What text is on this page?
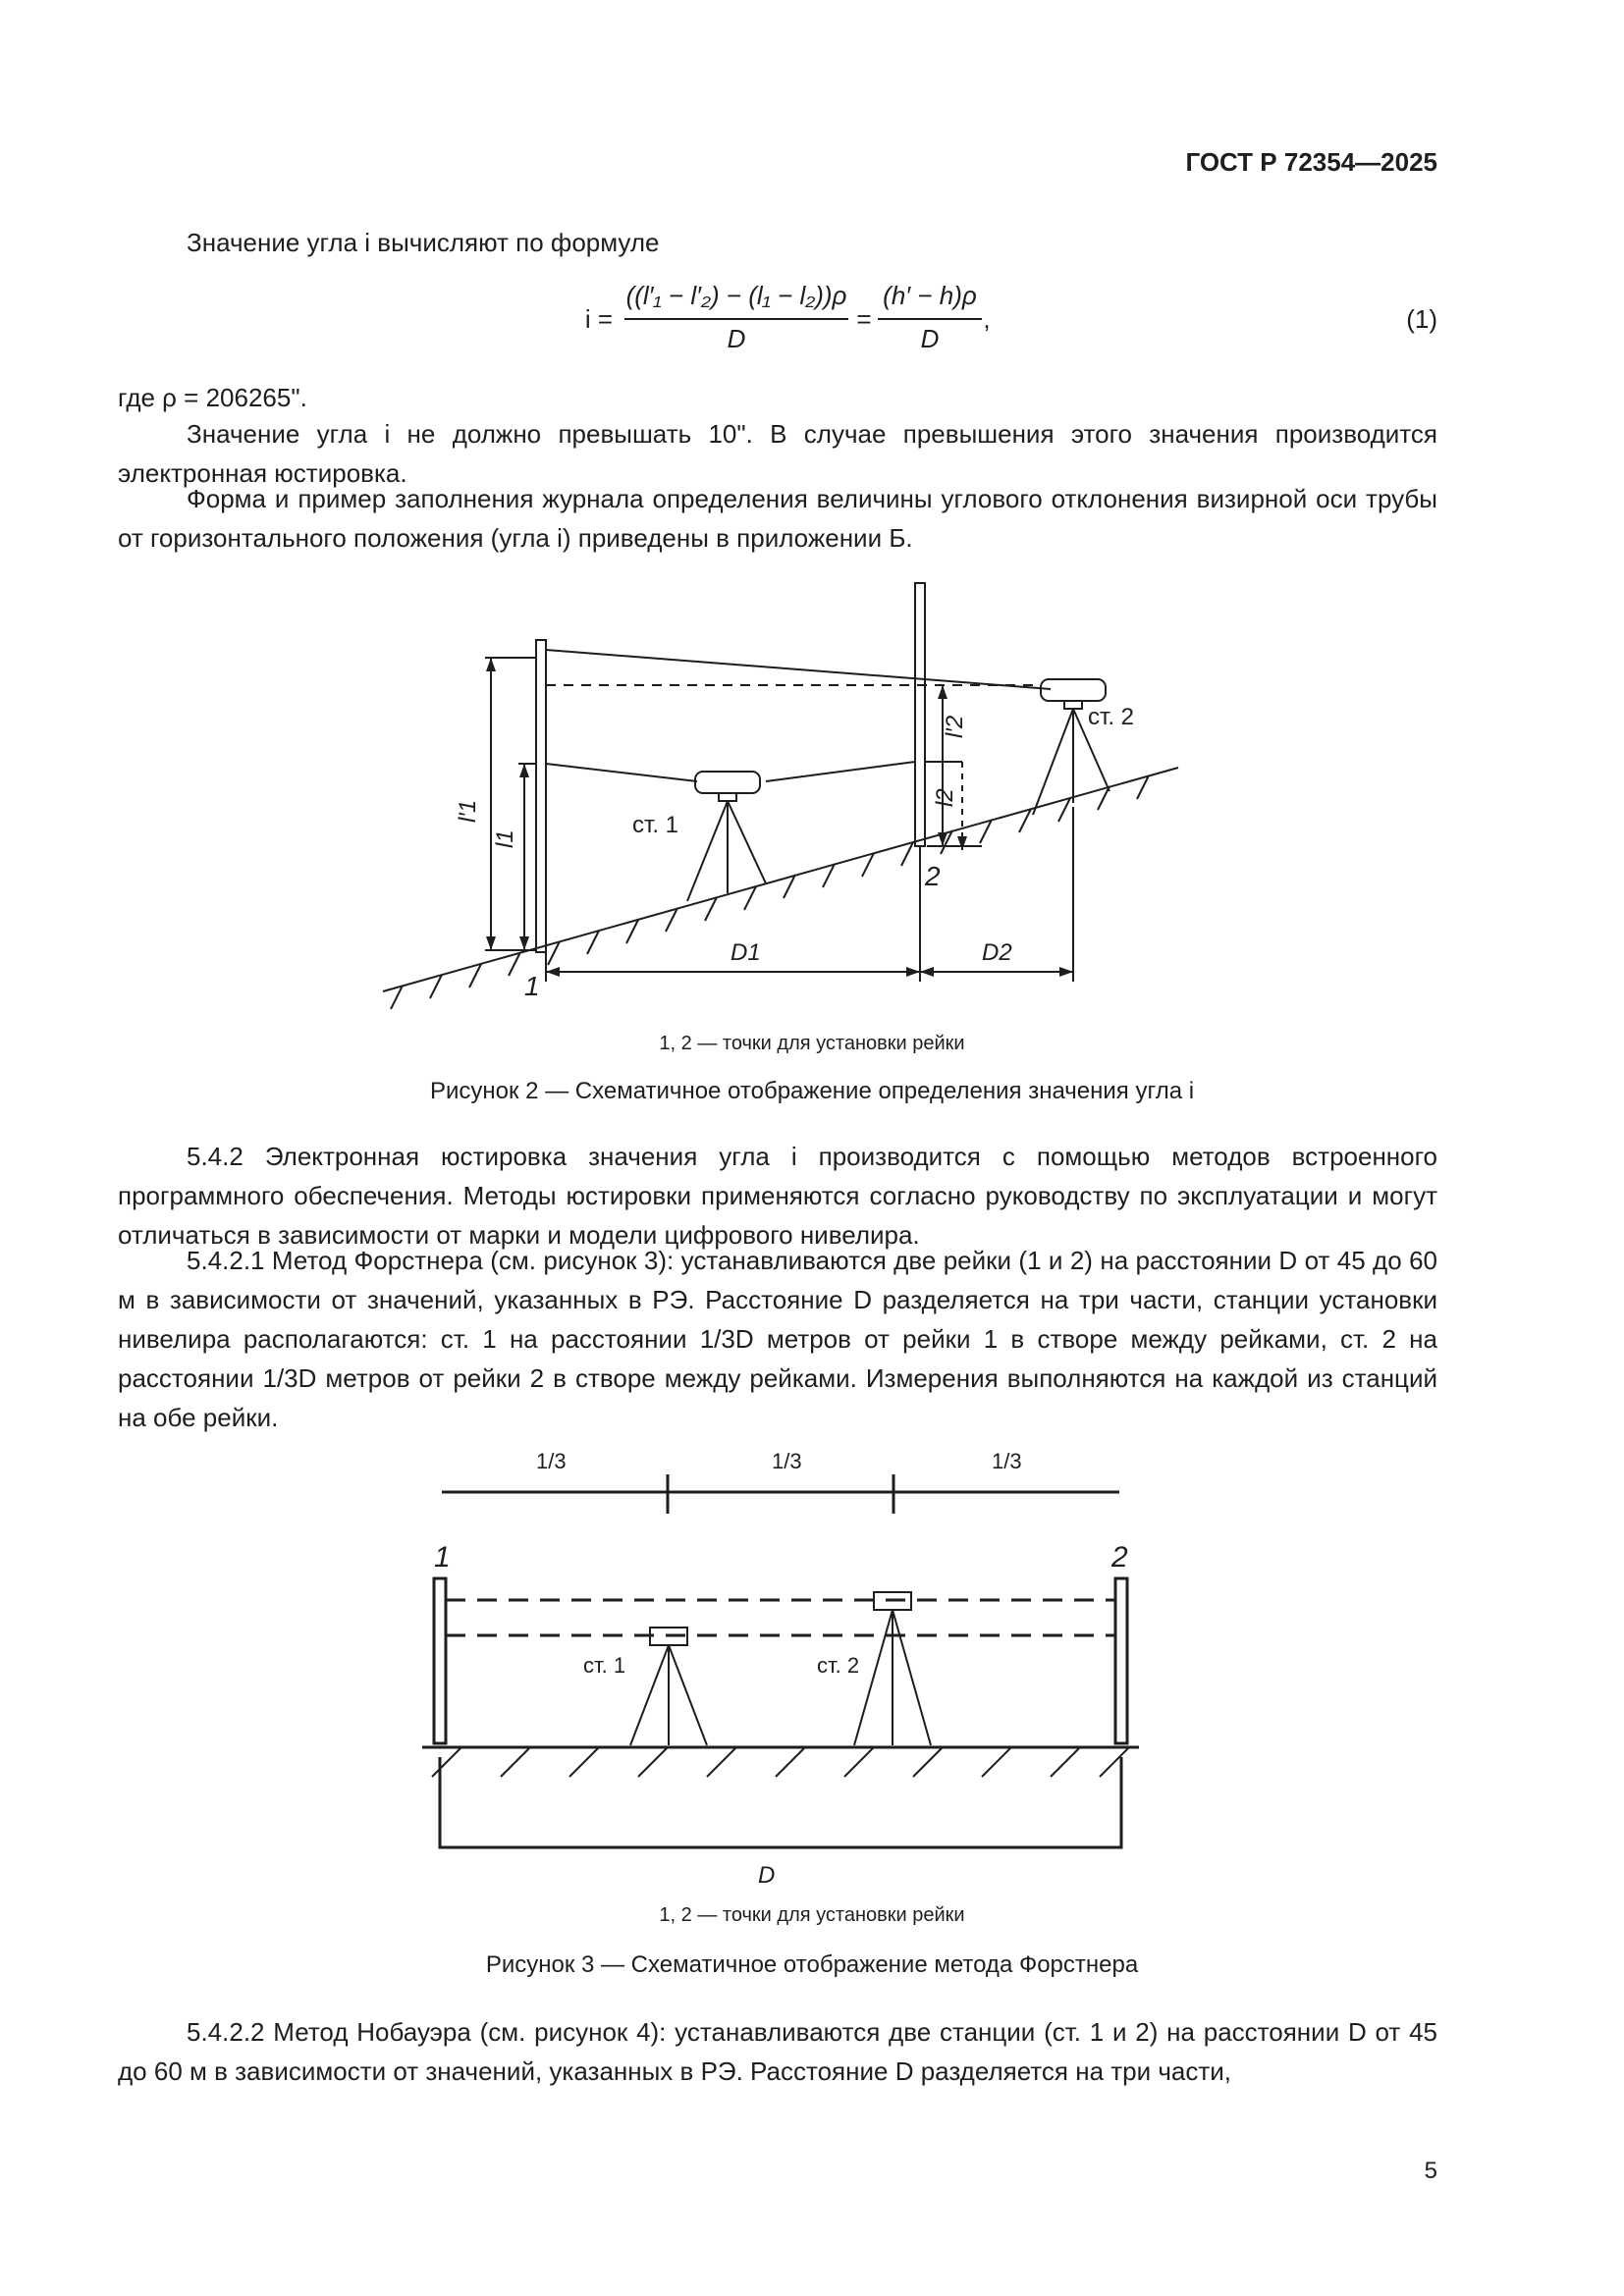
ГОСТ Р 72354—2025
Значение угла i вычисляют по формуле
i =
((l′₁ − l′₂) − (l₁ − l₂))ρ
D
=
(h′ − h)ρ
D
,	(1)
где ρ = 206265".
Значение угла i не должно превышать 10". В случае превышения этого значения производится электронная юстировка.
Форма и пример заполнения журнала определения величины углового отклонения визирной оси трубы от горизонтального положения (угла i) приведены в приложении Б.
ст. 1
ст. 2
l′1
l1
l′2
l2
1
2
D1	D2
1, 2 — точки для установки рейки
Рисунок 2 — Схематичное отображение определения значения угла i
5.4.2 Электронная юстировка значения угла i производится с помощью методов встроенного программного обеспечения. Методы юстировки применяются согласно руководству по эксплуатации и могут отличаться в зависимости от марки и модели цифрового нивелира.
5.4.2.1 Метод Форстнера (см. рисунок 3): устанавливаются две рейки (1 и 2) на расстоянии D от 45 до 60 м в зависимости от значений, указанных в РЭ. Расстояние D разделяется на три части, станции установки нивелира располагаются: ст. 1 на расстоянии 1/3D метров от рейки 1 в створе между рейками, ст. 2 на расстоянии 1/3D метров от рейки 2 в створе между рейками. Измерения выполняются на каждой из станций на обе рейки.
1/3	1/3	1/3
1	2
ст. 1	ст. 2
D
1, 2 — точки для установки рейки
Рисунок 3 — Схематичное отображение метода Форстнера
5.4.2.2 Метод Нобауэра (см. рисунок 4): устанавливаются две станции (ст. 1 и 2) на расстоянии D от 45 до 60 м в зависимости от значений, указанных в РЭ. Расстояние D разделяется на три части,
5
